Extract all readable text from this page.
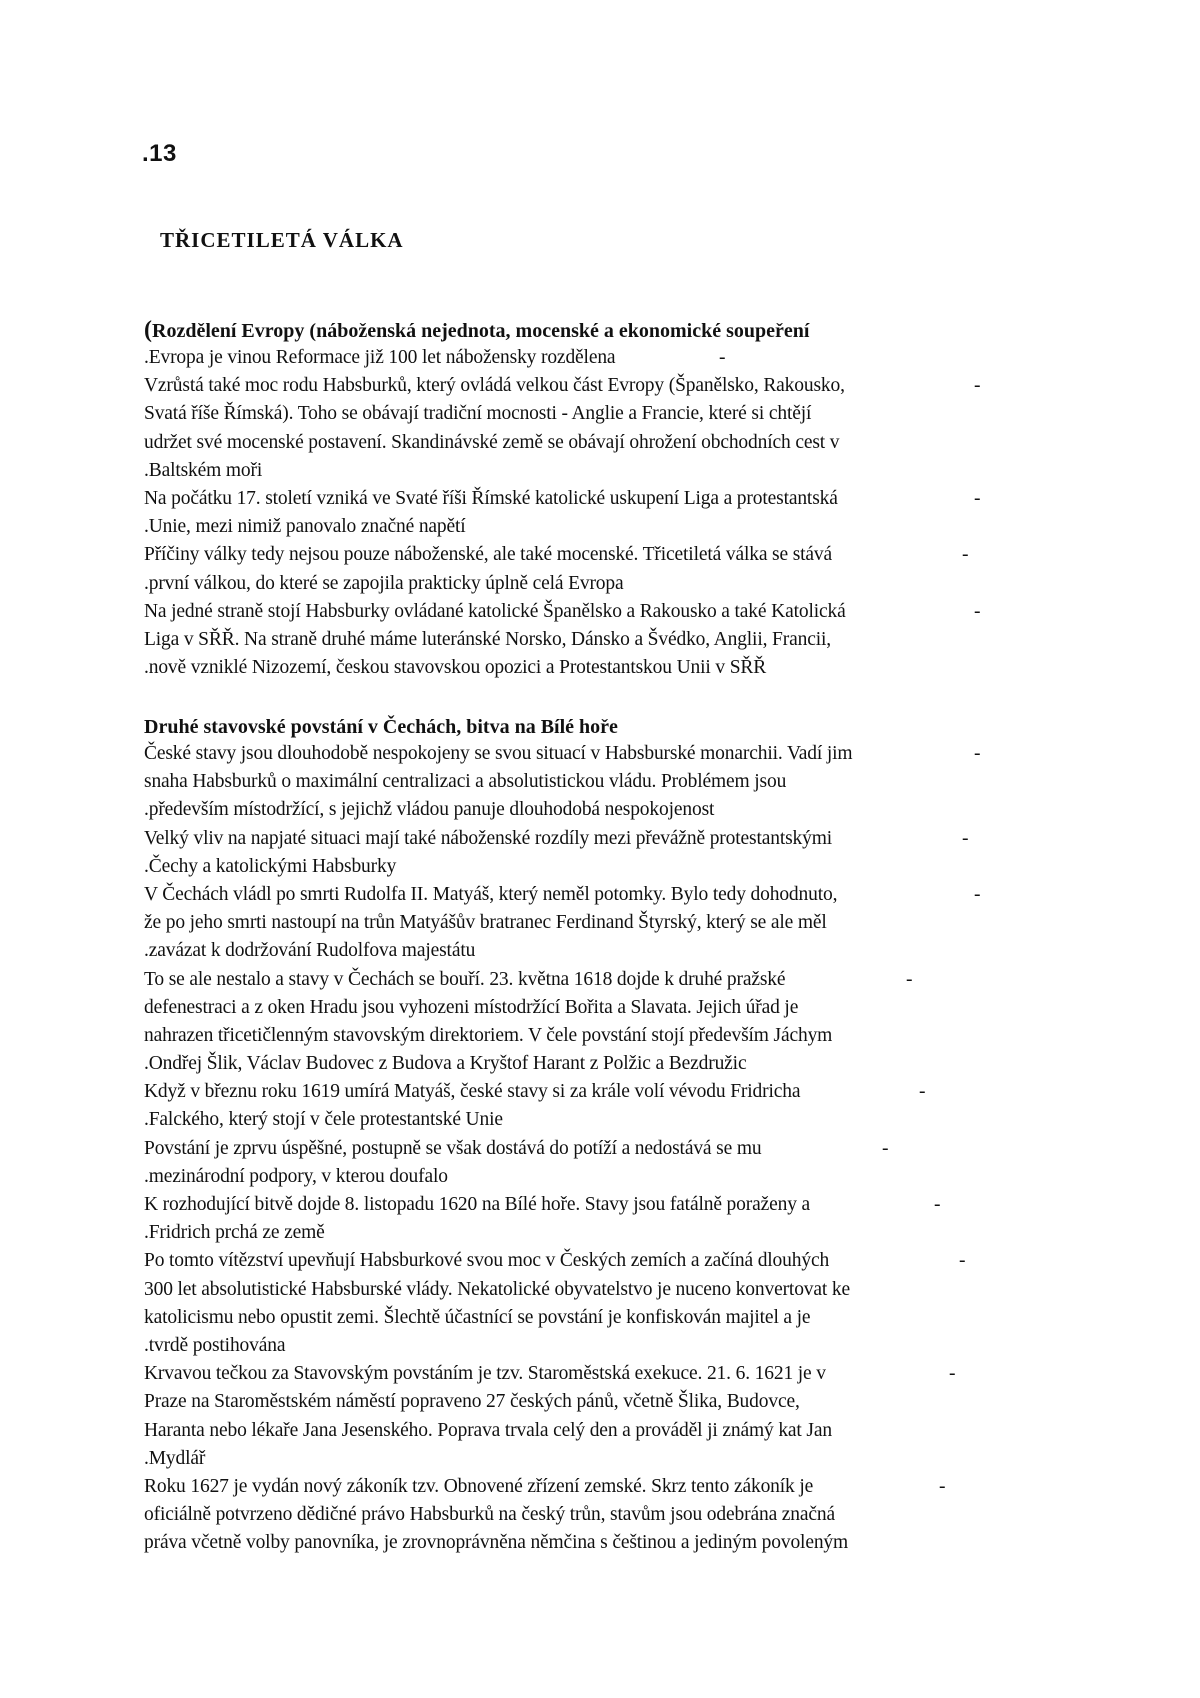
.13
TŘICETILETÁ VÁLKA
(Rozdělení Evropy (náboženská nejednota, mocenské a ekonomické soupeření
-
.Evropa je vinou Reformace již 100 let nábožensky rozdělena
-
Vzrůstá také moc rodu Habsburků, který ovládá velkou část Evropy (Španělsko, Rakousko,
Svatá říše Římská). Toho se obávají tradiční mocnosti - Anglie a Francie, které si chtějí
udržet své mocenské postavení. Skandinávské země se obávají ohrožení obchodních cest v
.Baltském moři
-
Na počátku 17. století vzniká ve Svaté říši Římské katolické uskupení Liga a protestantská
.Unie, mezi nimiž panovalo značné napětí
-
Příčiny války tedy nejsou pouze náboženské, ale také mocenské. Třicetiletá válka se stává
.první válkou, do které se zapojila prakticky úplně celá Evropa
-
Na jedné straně stojí Habsburky ovládané katolické Španělsko a Rakousko a také Katolická
Liga v SŘŘ. Na straně druhé máme luteránské Norsko, Dánsko a Švédko, Anglii, Francii,
.nově vzniklé Nizozemí, českou stavovskou opozici a Protestantskou Unii v SŘŘ
Druhé stavovské povstání v Čechách, bitva na Bílé hoře
-
České stavy jsou dlouhodobě nespokojeny se svou situací v Habsburské monarchii. Vadí jim
snaha Habsburků o maximální centralizaci a absolutistickou vládu. Problémem jsou
.především místodržící, s jejichž vládou panuje dlouhodobá nespokojenost
-
Velký vliv na napjaté situaci mají také náboženské rozdíly mezi převážně protestantskými
.Čechy a katolickými Habsburky
-
V Čechách vládl po smrti Rudolfa II. Matyáš, který neměl potomky. Bylo tedy dohodnuto,
že po jeho smrti nastoupí na trůn Matyášův bratranec Ferdinand Štyrský, který se ale měl
.zavázat k dodržování Rudolfova majestátu
-
To se ale nestalo a stavy v Čechách se bouří. 23. května 1618 dojde k druhé pražské
defenestraci a z oken Hradu jsou vyhozeni místodržící Bořita a Slavata. Jejich úřad je
nahrazen třicetičlenným stavovským direktoriem. V čele povstání stojí především Jáchym
.Ondřej Šlik, Václav Budovec z Budova a Kryštof Harant z Polžic a Bezdružic
-
Když v březnu roku 1619 umírá Matyáš, české stavy si za krále volí vévodu Fridricha
.Falckého, který stojí v čele protestantské Unie
-
Povstání je zprvu úspěšné, postupně se však dostává do potíží a nedostává se mu
.mezinárodní podpory, v kterou doufalo
-
K rozhodující bitvě dojde 8. listopadu 1620 na Bílé hoře. Stavy jsou fatálně poraženy a
.Fridrich prchá ze země
-
Po tomto vítězství upevňují Habsburkové svou moc v Českých zemích a začíná dlouhých
300 let absolutistické Habsburské vlády. Nekatolické obyvatelstvo je nuceno konvertovat ke
katolicismu nebo opustit zemi. Šlechtě účastnící se povstání je konfiskován majitel a je
.tvrdě postihována
-
Krvavou tečkou za Stavovským povstáním je tzv. Staroměstská exekuce. 21. 6. 1621 je v
Praze na Staroměstském náměstí popraveno 27 českých pánů, včetně Šlika, Budovce,
Haranta nebo lékaře Jana Jesenského. Poprava trvala celý den a prováděl ji známý kat Jan
.Mydlář
-
Roku 1627 je vydán nový zákoník tzv. Obnovené zřízení zemské. Skrz tento zákoník je
oficiálně potvrzeno dědičné právo Habsburků na český trůn, stavům jsou odebrána značná
práva včetně volby panovníka, je zrovnoprávněna němčina s češtinou a jediným povoleným
